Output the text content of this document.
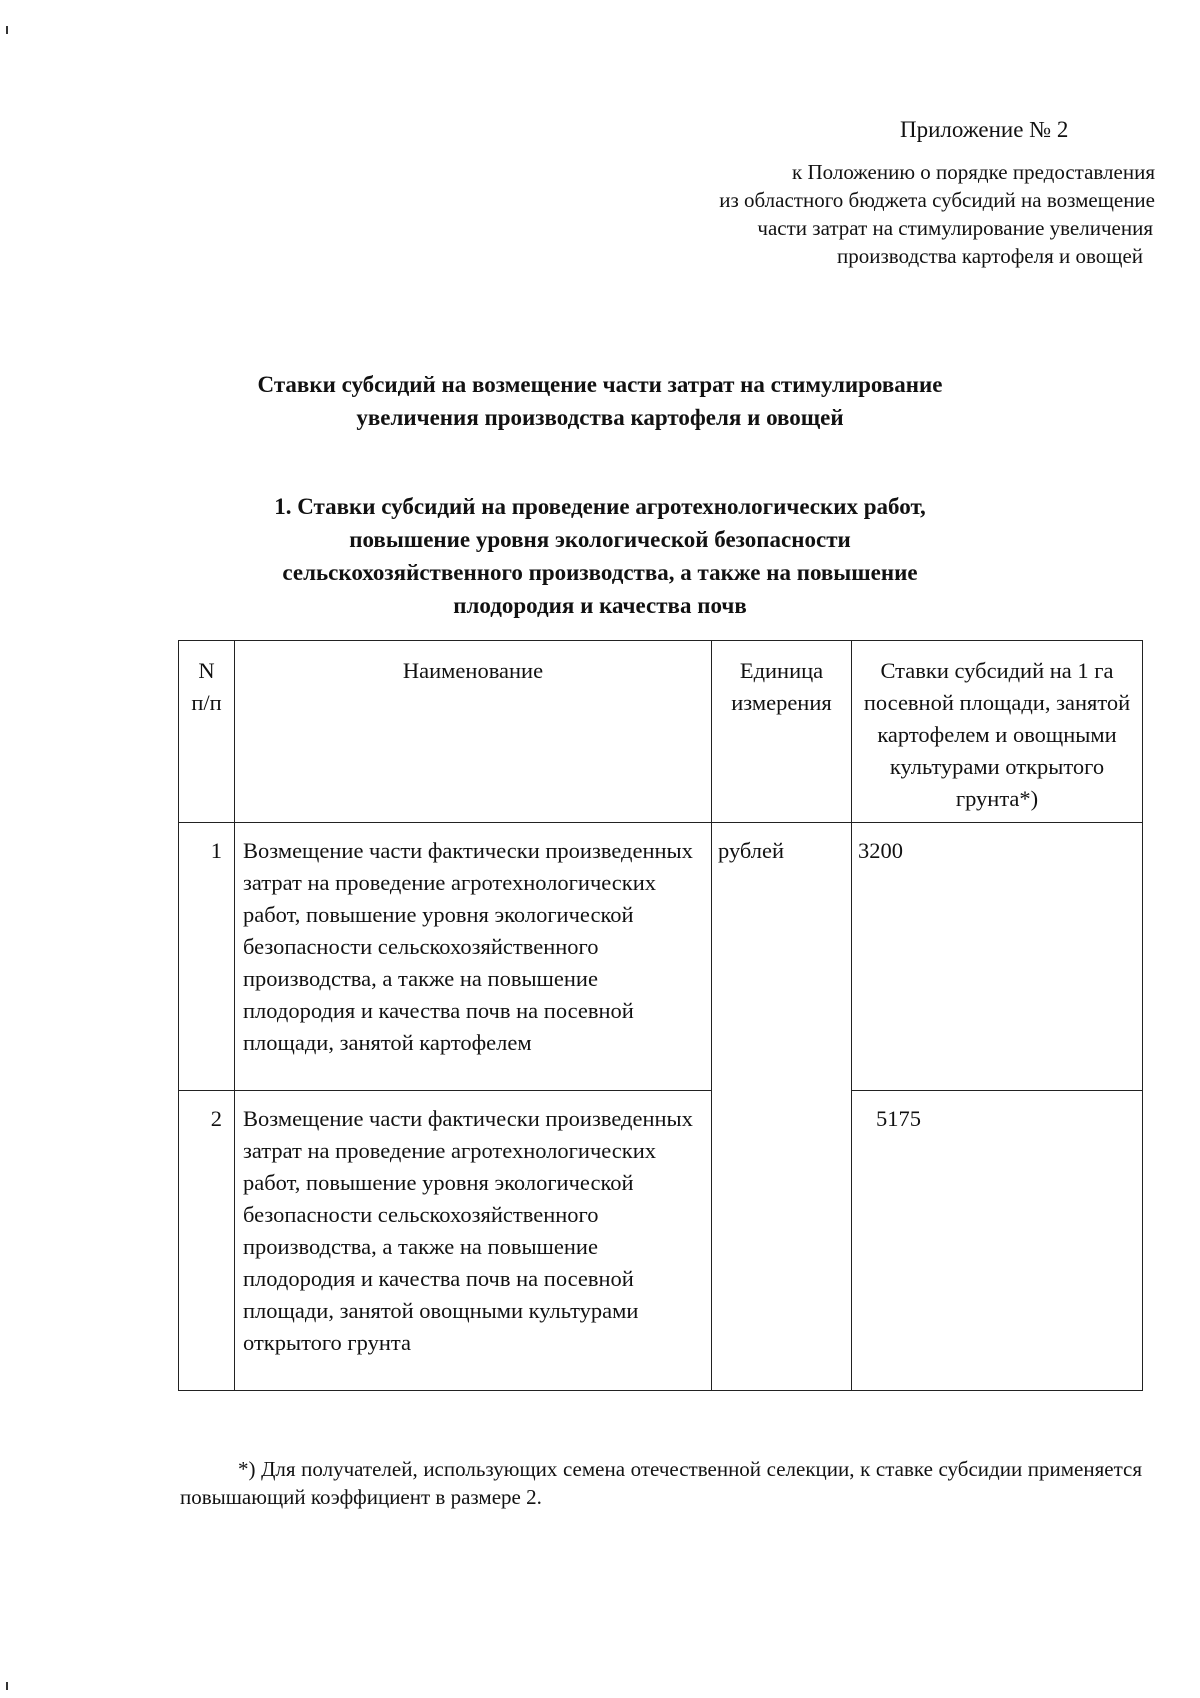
Приложение № 2
к Положению о порядке предоставления
из областного бюджета субсидий на возмещение
части затрат на стимулирование увеличения
производства картофеля и овощей
Ставки субсидий на возмещение части затрат на стимулирование
увеличения производства картофеля и овощей
1. Ставки субсидий на проведение агротехнологических работ,
повышение уровня экологической безопасности
сельскохозяйственного производства, а также на повышение
плодородия и качества почв
N п/п	Наименование	Единица измерения	Ставки субсидий на 1 га посевной площади, занятой картофелем и овощными культурами открытого грунта*)
1	Возмещение части фактически произведенных затрат на проведение агротехнологических работ, повышение уровня экологической безопасности сельскохозяйственного производства, а также на повышение плодородия и качества почв на посевной площади, занятой картофелем	рублей	3200
2	Возмещение части фактически произведенных затрат на проведение агротехнологических работ, повышение уровня экологической безопасности сельскохозяйственного производства, а также на повышение плодородия и качества почв на посевной площади, занятой овощными культурами открытого грунта		5175
*) Для получателей, использующих семена отечественной селекции, к ставке субсидии применяется повышающий коэффициент в размере 2.
